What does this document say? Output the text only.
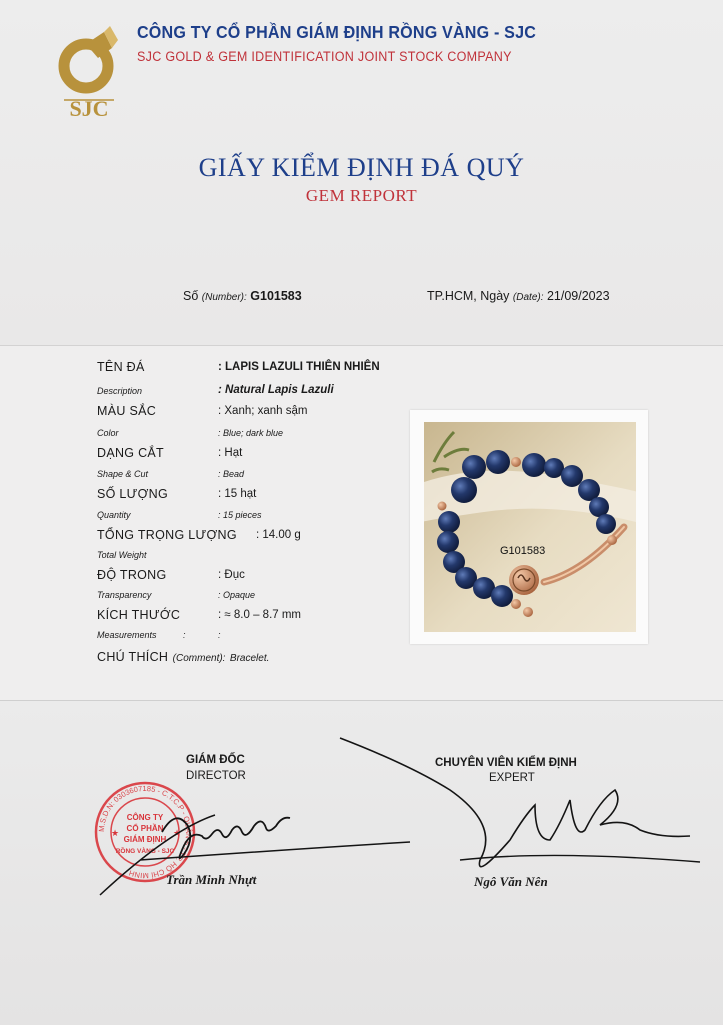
SJC
CÔNG TY CỔ PHẦN GIÁM ĐỊNH RỒNG VÀNG - SJC
SJC GOLD & GEM IDENTIFICATION JOINT STOCK COMPANY
GIẤY KIỂM ĐỊNH ĐÁ QUÝ
GEM REPORT
Số (Number): G101583	TP.HCM, Ngày (Date): 21/09/2023
TÊN ĐÁ	: LAPIS LAZULI THIÊN NHIÊN
Description	: Natural Lapis Lazuli
MÀU SẮC	: Xanh; xanh sậm
Color	: Blue; dark blue
DẠNG CẮT	: Hạt
Shape & Cut	: Bead
SỐ LƯỢNG	: 15 hạt
Quantity	: 15 pieces
TỔNG TRỌNG LƯỢNG : 14.00 g
Total Weight
ĐỘ TRONG	: Đục
Transparency	: Opaque
KÍCH THƯỚC	: ≈ 8.0 – 8.7 mm
Measurements	:	:
CHÚ THÍCH (Comment): Bracelet.
G101583
GIÁM ĐỐC
DIRECTOR
CHUYÊN VIÊN KIỂM ĐỊNH
EXPERT
M.S.D.N: 0303607185 - C.T.C.P - QUẬN 5 - TP. HỒ CHÍ MINH
CÔNG TY
CỔ PHẦN
GIÁM ĐỊNH
RỒNG VÀNG - SJC
★	★
Trần Minh Nhựt	Ngô Văn Nên
